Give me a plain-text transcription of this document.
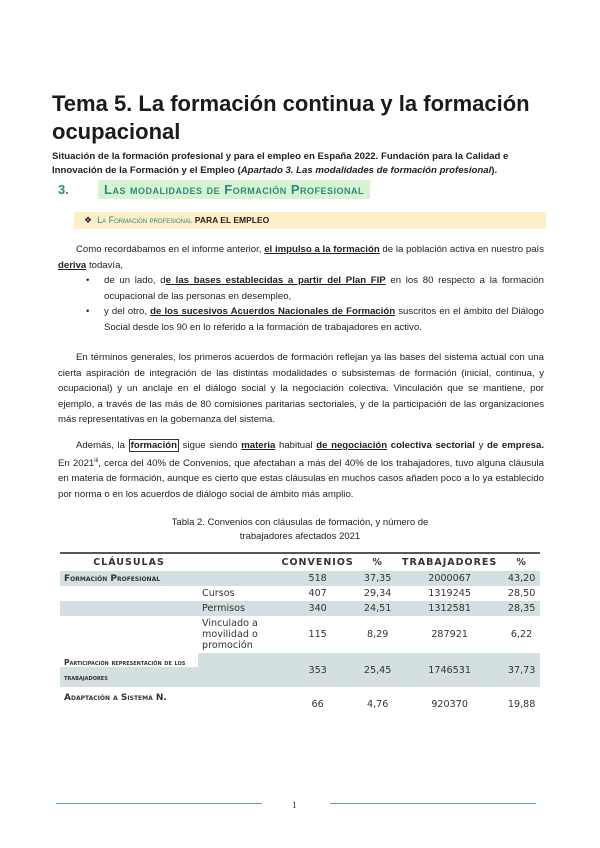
Tema 5. La formación continua y la formación ocupacional
Situación de la formación profesional y para el empleo en España 2022. Fundación para la Calidad e Innovación de la Formación y el Empleo (Apartado 3. Las modalidades de formación profesional).
3.	Las modalidades de Formación Profesional
❖ La Formación profesional PARA EL EMPLEO

Como recordábamos en el informe anterior, el impulso a la formación de la población activa en nuestro país deriva todavía,

• de un lado, de las bases establecidas a partir del Plan FIP en los 80 respecto a la formación ocupacional de las personas en desempleo,
• y del otro, de los sucesivos Acuerdos Nacionales de Formación suscritos en el ámbito del Diálogo Social desde los 90 en lo referido a la formación de trabajadores en activo.
En términos generales, los primeros acuerdos de formación reflejan ya las bases del sistema actual con una cierta aspiración de integración de las distintas modalidades o subsistemas de formación (inicial, continua, y ocupacional) y un anclaje en el diálogo social y la negociación colectiva. Vinculación que se mantiene, por ejemplo, a través de las más de 80 comisiones paritarias sectoriales, y de la participación de las organizaciones más representativas en la gobernanza del sistema.

Además, la formación sigue siendo materia habitual de negociación colectiva sectorial y de empresa. En 2021$^{iii}$, cerca del 40% de Convenios, que afectaban a más del 40% de los trabajadores, tuvo alguna cláusula en materia de formación, aunque es cierto que estas cláusulas en muchos casos añaden poco a lo ya establecido por norma o en los acuerdos de diálogo social de ámbito más amplio.

Tabla 2. Convenios con cláusulas de formación, y número de
trabajadores afectados 2021
CLÁUSULAS		CONVENIOS	%	TRABAJADORES	%
Formación Profesional		518	37,35	2000067	43,20
	Cursos	407	29,34	1319245	28,50
	Permisos	340	24,51	1312581	28,35
	Vinculado a movilidad o promoción	115	8,29	287921	6,22
Participación representación de los trabajadores		353	25,45	1746531	37,73
Adaptación a Sistema N.		66	4,76	920370	19,88
1
